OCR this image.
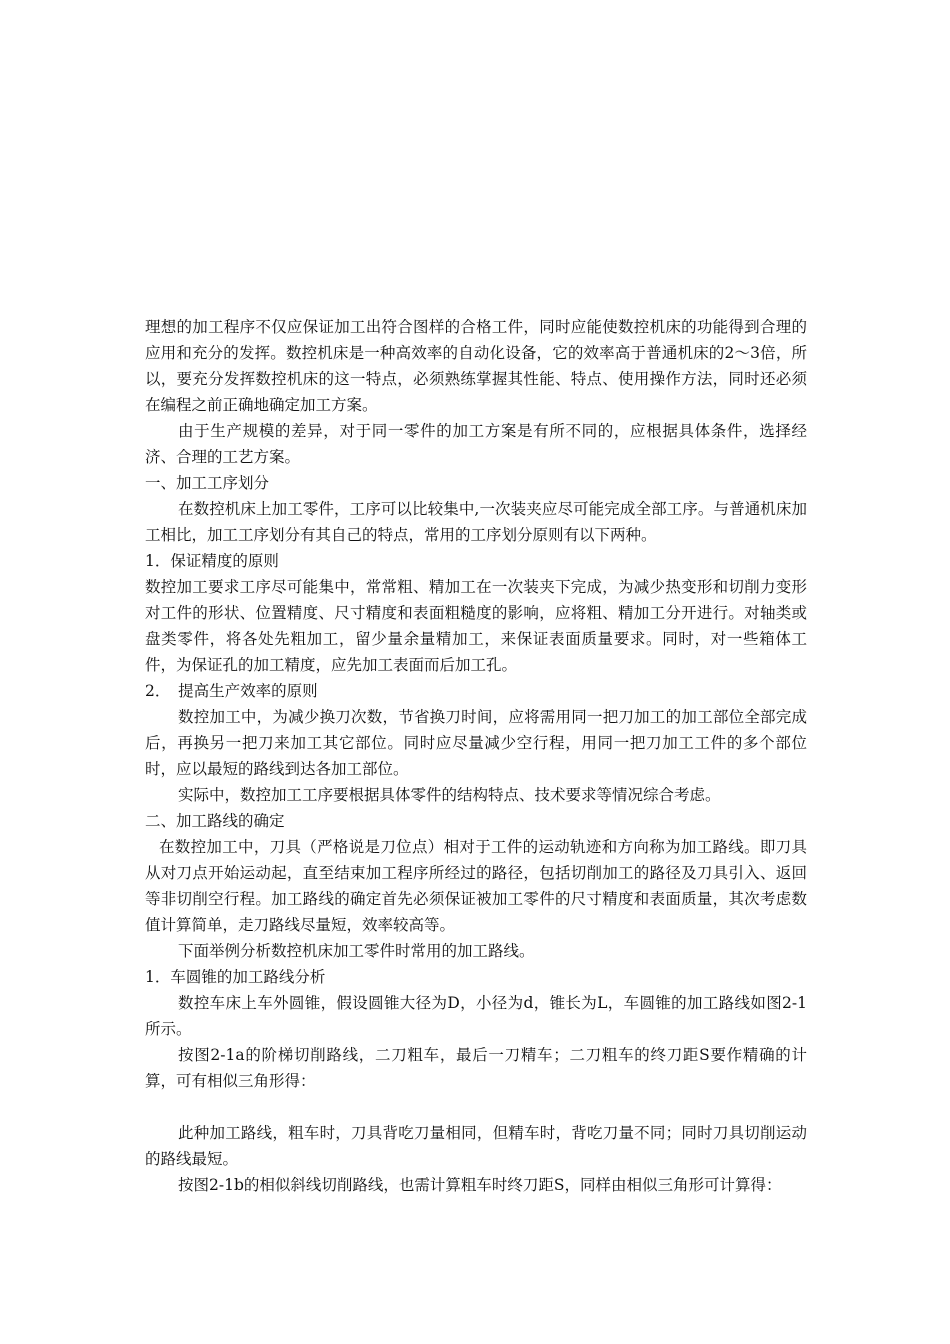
理想的加工程序不仅应保证加工出符合图样的合格工件，同时应能使数控机床的功能得到合理的应用和充分的发挥。数控机床是一种高效率的自动化设备，它的效率高于普通机床的2～3倍，所以，要充分发挥数控机床的这一特点，必须熟练掌握其性能、特点、使用操作方法，同时还必须在编程之前正确地确定加工方案。

由于生产规模的差异，对于同一零件的加工方案是有所不同的，应根据具体条件，选择经济、合理的工艺方案。

一、加工工序划分

在数控机床上加工零件，工序可以比较集中,一次装夹应尽可能完成全部工序。与普通机床加工相比，加工工序划分有其自己的特点，常用的工序划分原则有以下两种。

1．保证精度的原则

数控加工要求工序尽可能集中，常常粗、精加工在一次装夹下完成，为减少热变形和切削力变形对工件的形状、位置精度、尺寸精度和表面粗糙度的影响，应将粗、精加工分开进行。对轴类或盘类零件，将各处先粗加工，留少量余量精加工，来保证表面质量要求。同时，对一些箱体工件，为保证孔的加工精度，应先加工表面而后加工孔。

2．　提高生产效率的原则

数控加工中，为减少换刀次数，节省换刀时间，应将需用同一把刀加工的加工部位全部完成后，再换另一把刀来加工其它部位。同时应尽量减少空行程，用同一把刀加工工件的多个部位时，应以最短的路线到达各加工部位。

实际中，数控加工工序要根据具体零件的结构特点、技术要求等情况综合考虑。

二、加工路线的确定

在数控加工中，刀具（严格说是刀位点）相对于工件的运动轨迹和方向称为加工路线。即刀具从对刀点开始运动起，直至结束加工程序所经过的路径，包括切削加工的路径及刀具引入、返回等非切削空行程。加工路线的确定首先必须保证被加工零件的尺寸精度和表面质量，其次考虑数值计算简单，走刀路线尽量短，效率较高等。

下面举例分析数控机床加工零件时常用的加工路线。

1．车圆锥的加工路线分析

数控车床上车外圆锥，假设圆锥大径为D，小径为d，锥长为L，车圆锥的加工路线如图2-1所示。

按图2-1a的阶梯切削路线，二刀粗车，最后一刀精车；二刀粗车的终刀距S要作精确的计算，可有相似三角形得：

此种加工路线，粗车时，刀具背吃刀量相同，但精车时，背吃刀量不同；同时刀具切削运动的路线最短。

按图2-1b的相似斜线切削路线，也需计算粗车时终刀距S，同样由相似三角形可计算得：
